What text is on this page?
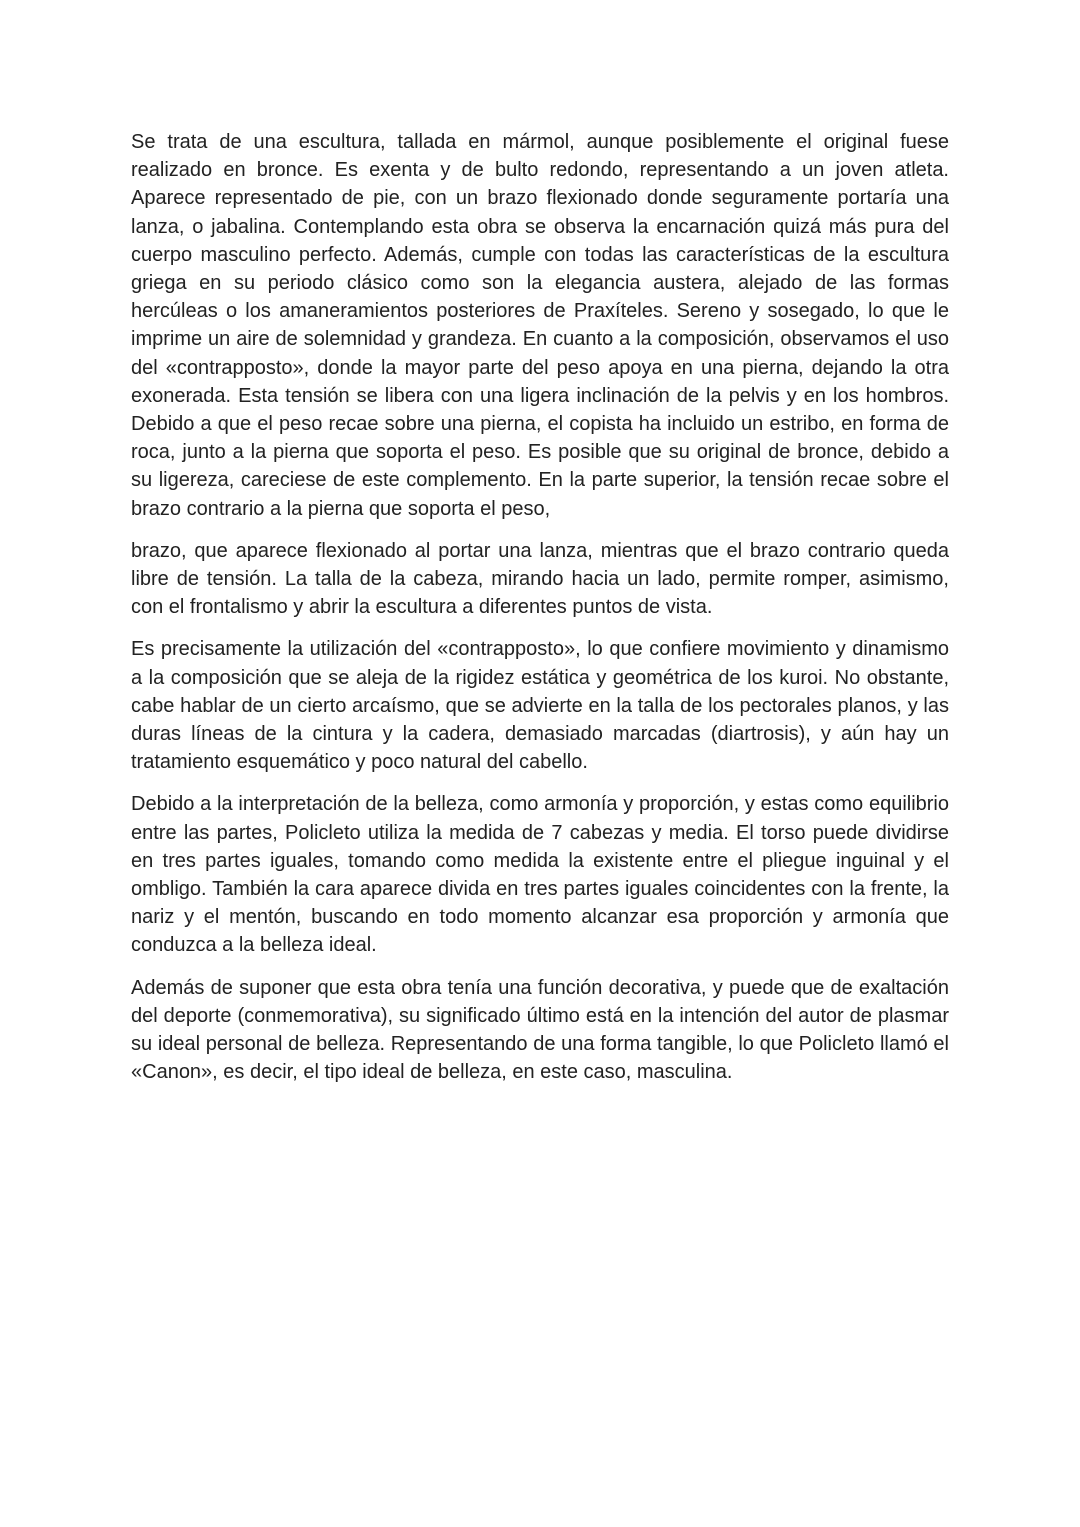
Se trata de una escultura, tallada en mármol, aunque posiblemente el original fuese realizado en bronce. Es exenta y de bulto redondo, representando a un joven atleta. Aparece representado de pie, con un brazo flexionado donde seguramente portaría una lanza, o jabalina. Contemplando esta obra se observa la encarnación quizá más pura del cuerpo masculino perfecto. Además, cumple con todas las características de la escultura griega en su periodo clásico como son la elegancia austera, alejado de las formas hercúleas o los amaneramientos posteriores de Praxíteles. Sereno y sosegado, lo que le imprime un aire de solemnidad y grandeza. En cuanto a la composición, observamos el uso del «contrapposto», donde la mayor parte del peso apoya en una pierna, dejando la otra exonerada. Esta tensión se libera con una ligera inclinación de la pelvis y en los hombros. Debido a que el peso recae sobre una pierna, el copista ha incluido un estribo, en forma de roca, junto a la pierna que soporta el peso. Es posible que su original de bronce, debido a su ligereza, careciese de este complemento. En la parte superior, la tensión recae sobre el brazo contrario a la pierna que soporta el peso,

brazo, que aparece flexionado al portar una lanza, mientras que el brazo contrario queda libre de tensión. La talla de la cabeza, mirando hacia un lado, permite romper, asimismo, con el frontalismo y abrir la escultura a diferentes puntos de vista.

Es precisamente la utilización del «contrapposto», lo que confiere movimiento y dinamismo a la composición que se aleja de la rigidez estática y geométrica de los kuroi. No obstante, cabe hablar de un cierto arcaísmo, que se advierte en la talla de los pectorales planos, y las duras líneas de la cintura y la cadera, demasiado marcadas (diartrosis), y aún hay un tratamiento esquemático y poco natural del cabello.

Debido a la interpretación de la belleza, como armonía y proporción, y estas como equilibrio entre las partes, Policleto utiliza la medida de 7 cabezas y media. El torso puede dividirse en tres partes iguales, tomando como medida la existente entre el pliegue inguinal y el ombligo. También la cara aparece divida en tres partes iguales coincidentes con la frente, la nariz y el mentón, buscando en todo momento alcanzar esa proporción y armonía que conduzca a la belleza ideal.

Además de suponer que esta obra tenía una función decorativa, y puede que de exaltación del deporte (conmemorativa), su significado último está en la intención del autor de plasmar su ideal personal de belleza. Representando de una forma tangible, lo que Policleto llamó el «Canon», es decir, el tipo ideal de belleza, en este caso, masculina.
